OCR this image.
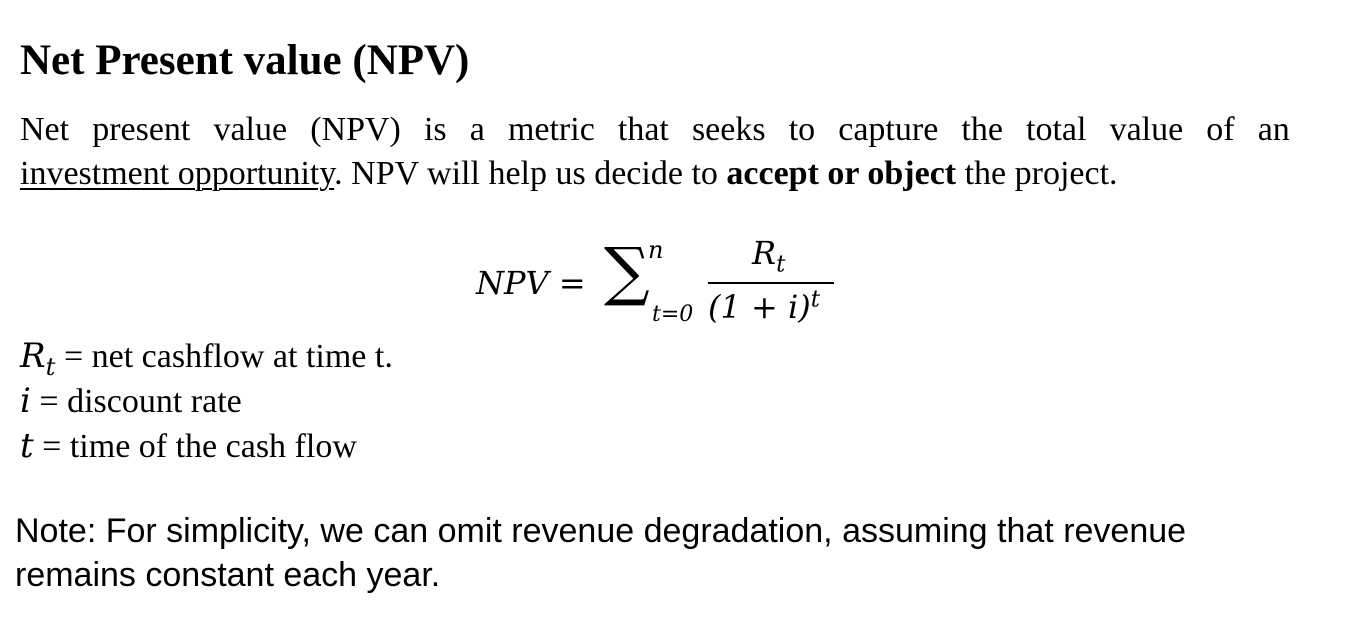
Net Present value (NPV)
Net present value (NPV) is a metric that seeks to capture the total value of an
investment opportunity. NPV will help us decide to accept or object the project.
NPV = ∑
n
t=0
$R_t$
$(1 + i)^t$
$R_t$ = net cashflow at time t.
i = discount rate
t = time of the cash flow
Note: For simplicity, we can omit revenue degradation, assuming that revenue remains constant each year.
